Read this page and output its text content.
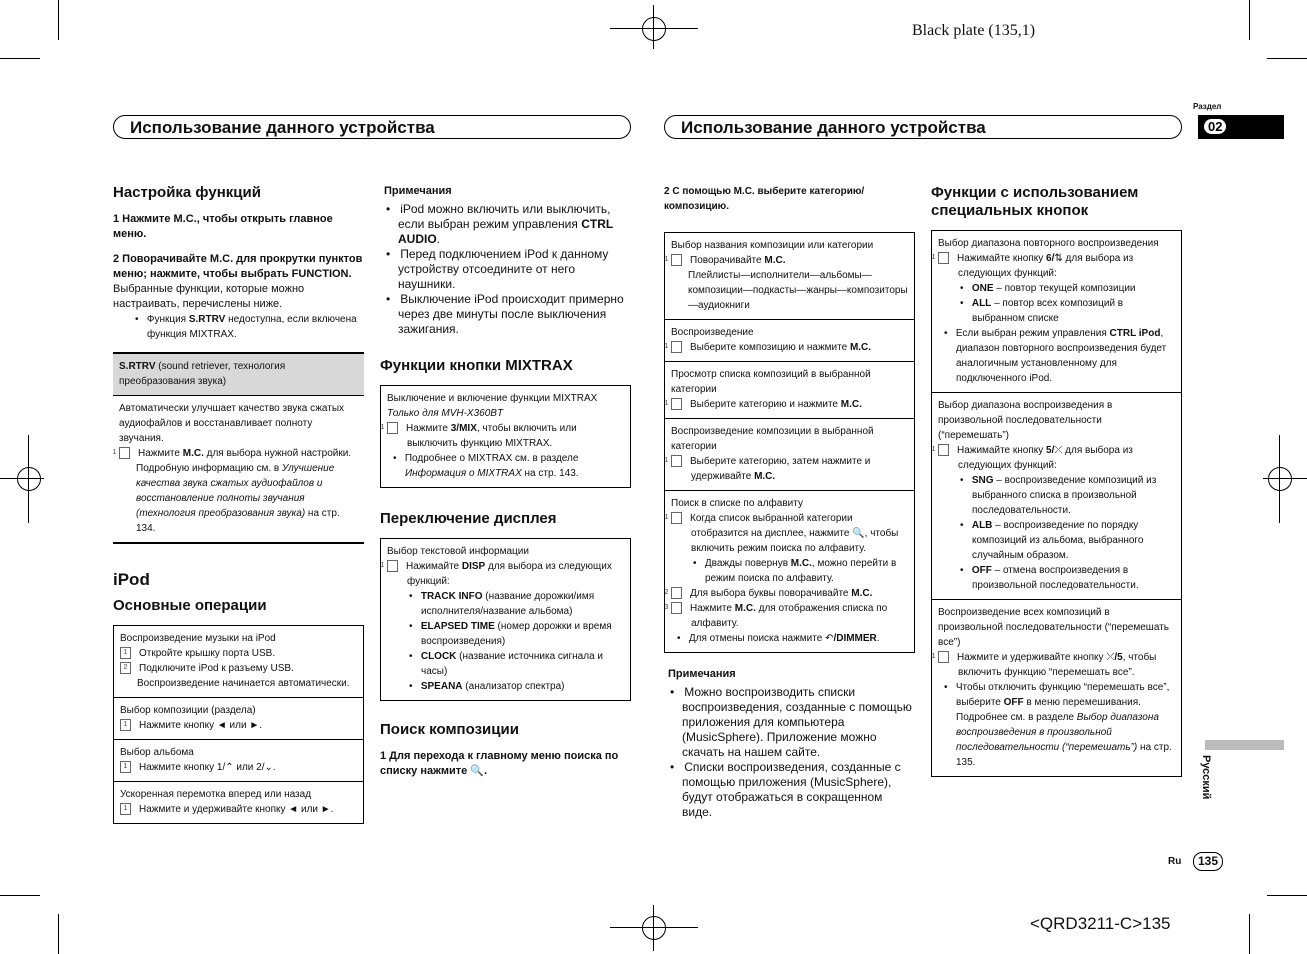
Black plate (135,1)
<QRD3211-C>135
Раздел
02
Русский
Ru	135
Использование данного устройства	Использование данного устройства
Настройка функций
1 Нажмите M.C., чтобы открыть главное меню.
2 Поворачивайте M.C. для прокрутки пунктов меню; нажмите, чтобы выбрать FUNCTION.
Выбранные функции, которые можно настраивать, перечислены ниже.
•   Функция S.RTRV недоступна, если включена функция MIXTRAX.
S.RTRV (sound retriever, технология преобразования звука)
Автоматически улучшает качество звука сжатых аудиофайлов и восстанавливает полноту звучания.
1 Нажмите M.C. для выбора нужной настройки.
Подробную информацию см. в Улучшение качества звука сжатых аудиофайлов и восстановление полноты звучания (технология преобразования звука) на стр. 134.
iPod
Основные операции
Воспроизведение музыки на iPod
1 Откройте крышку порта USB.
2 Подключите iPod к разъему USB.
Воспроизведение начинается автоматически.
Выбор композиции (раздела)
1 Нажмите кнопку ◄ или ►.
Выбор альбома
1 Нажмите кнопку 1/⌃ или 2/⌄.
Ускоренная перемотка вперед или назад
1 Нажмите и удерживайте кнопку ◄ или ►.
Примечания
•   iPod можно включить или выключить, если выбран режим управления CTRL AUDIO.
•   Перед подключением iPod к данному устройству отсоедините от него наушники.
•   Выключение iPod происходит примерно через две минуты после выключения зажигания.
Функции кнопки MIXTRAX
Выключение и включение функции MIXTRAX
Только для MVH-X360BT
1 Нажмите 3/MIX, чтобы включить или выключить функцию MIXTRAX.
•   Подробнее о MIXTRAX см. в разделе Информация о MIXTRAX на стр. 143.
Переключение дисплея
Выбор текстовой информации
1 Нажимайте DISP для выбора из следующих функций:
•   TRACK INFO (название дорожки/имя исполнителя/название альбома)
•   ELAPSED TIME (номер дорожки и время воспроизведения)
•   CLOCK (название источника сигнала и часы)
•   SPEANA (анализатор спектра)
Поиск композиции
1 Для перехода к главному меню поиска по списку нажмите 🔍.
2 С помощью M.C. выберите категорию/композицию.
Выбор названия композиции или категории
1 Поворачивайте M.C.
Плейлисты—исполнители—альбомы—композиции—подкасты—жанры—композиторы—аудиокниги
Воспроизведение
1 Выберите композицию и нажмите M.C.
Просмотр списка композиций в выбранной категории
1 Выберите категорию и нажмите M.C.
Воспроизведение композиции в выбранной категории
1 Выберите категорию, затем нажмите и удерживайте M.C.
Поиск в списке по алфавиту
1 Когда список выбранной категории отобразится на дисплее, нажмите 🔍, чтобы включить режим поиска по алфавиту.
•   Дважды повернув M.C., можно перейти в режим поиска по алфавиту.
2 Для выбора буквы поворачивайте M.C.
3 Нажмите M.C. для отображения списка по алфавиту.
•   Для отмены поиска нажмите ↶/DIMMER.
Примечания
•   Можно воспроизводить списки воспроизведения, созданные с помощью приложения для компьютера (MusicSphere). Приложение можно скачать на нашем сайте.
•   Списки воспроизведения, созданные с помощью приложения (MusicSphere), будут отображаться в сокращенном виде.
Функции с использованием специальных кнопок
Выбор диапазона повторного воспроизведения
1 Нажимайте кнопку 6/⇅ для выбора из следующих функций:
•   ONE – повтор текущей композиции
•   ALL – повтор всех композиций в выбранном списке
•   Если выбран режим управления CTRL iPod, диапазон повторного воспроизведения будет аналогичным установленному для подключенного iPod.
Выбор диапазона воспроизведения в произвольной последовательности (“перемешать”)
1 Нажимайте кнопку 5/⤬ для выбора из следующих функций:
•   SNG – воспроизведение композиций из выбранного списка в произвольной последовательности.
•   ALB – воспроизведение по порядку композиций из альбома, выбранного случайным образом.
•   OFF – отмена воспроизведения в произвольной последовательности.
Воспроизведение всех композиций в произвольной последовательности (“перемешать все”)
1 Нажмите и удерживайте кнопку ⤬/5, чтобы включить функцию “перемешать все”.
•   Чтобы отключить функцию “перемешать все”, выберите OFF в меню перемешивания. Подробнее см. в разделе Выбор диапазона воспроизведения в произвольной последовательности (“перемешать”) на стр. 135.
